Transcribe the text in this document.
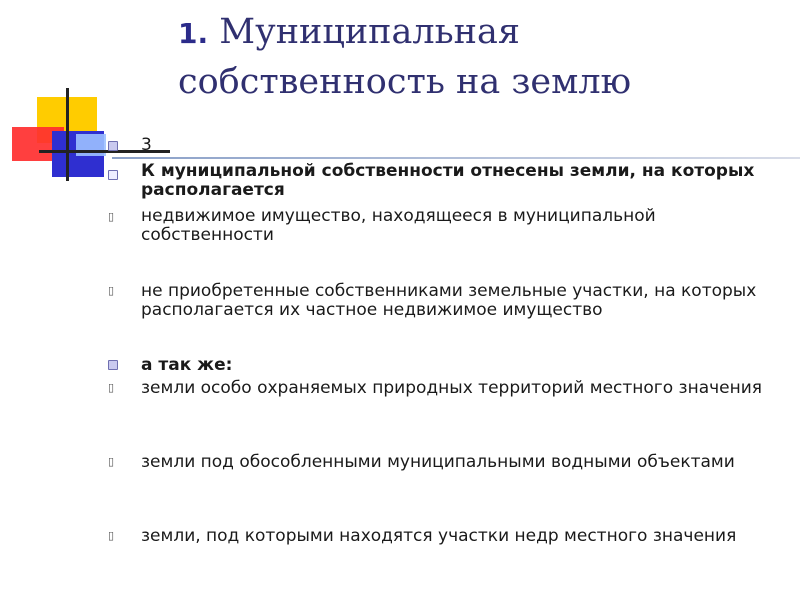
1. Муниципальная
собственность на землю
▯
▯
▯
▯
▯
3
К муниципальной собственности отнесены земли, на которых располагается
недвижимое имущество, находящееся в муниципальной собственности
не приобретенные собственниками земельные участки, на которых располагается их частное недвижимое имущество
а так же:
земли особо охраняемых природных территорий местного значения
земли под обособленными муниципальными водными объектами
земли, под которыми находятся участки недр местного значения
